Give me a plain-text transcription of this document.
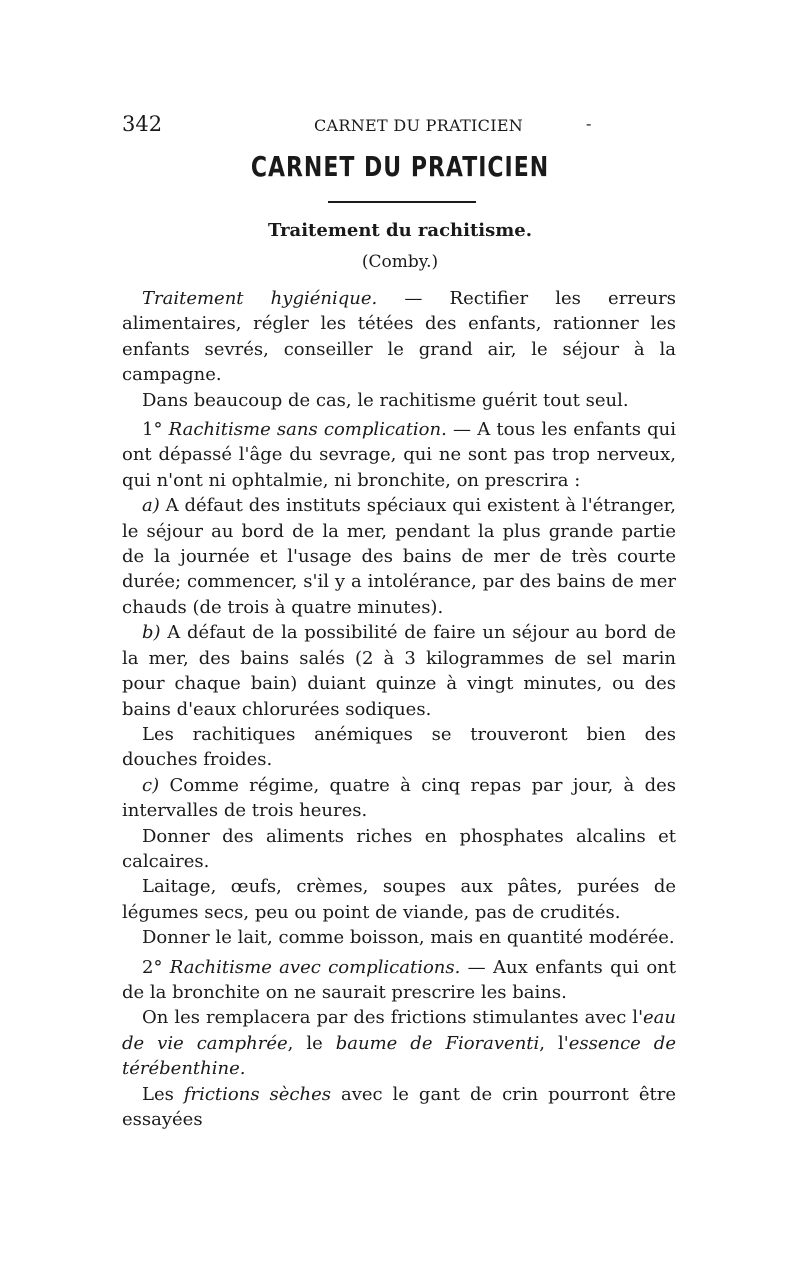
342	CARNET DU PRATICIEN	-
CARNET DU PRATICIEN
Traitement du rachitisme.
(Comby.)

Traitement hygiénique. — Rectifier les erreurs alimentaires, régler les tétées des enfants, rationner les enfants sevrés, conseiller le grand air, le séjour à la campagne.

Dans beaucoup de cas, le rachitisme guérit tout seul.

1° Rachitisme sans complication. — A tous les enfants qui ont dépassé l'âge du sevrage, qui ne sont pas trop nerveux, qui n'ont ni ophtalmie, ni bronchite, on prescrira :

a) A défaut des instituts spéciaux qui existent à l'étranger, le séjour au bord de la mer, pendant la plus grande partie de la journée et l'usage des bains de mer de très courte durée; commencer, s'il y a intolérance, par des bains de mer chauds (de trois à quatre minutes).

b) A défaut de la possibilité de faire un séjour au bord de la mer, des bains salés (2 à 3 kilogrammes de sel marin pour chaque bain) duiant quinze à vingt minutes, ou des bains d'eaux chlorurées sodiques.

Les rachitiques anémiques se trouveront bien des douches froides.

c) Comme régime, quatre à cinq repas par jour, à des intervalles de trois heures.

Donner des aliments riches en phosphates alcalins et calcaires.

Laitage, œufs, crèmes, soupes aux pâtes, purées de légumes secs, peu ou point de viande, pas de crudités.

Donner le lait, comme boisson, mais en quantité modérée.

2° Rachitisme avec complications. — Aux enfants qui ont de la bronchite on ne saurait prescrire les bains.

On les remplacera par des frictions stimulantes avec l'eau de vie camphrée, le baume de Fioraventi, l'essence de térébenthine.

Les frictions sèches avec le gant de crin pourront être essayées
